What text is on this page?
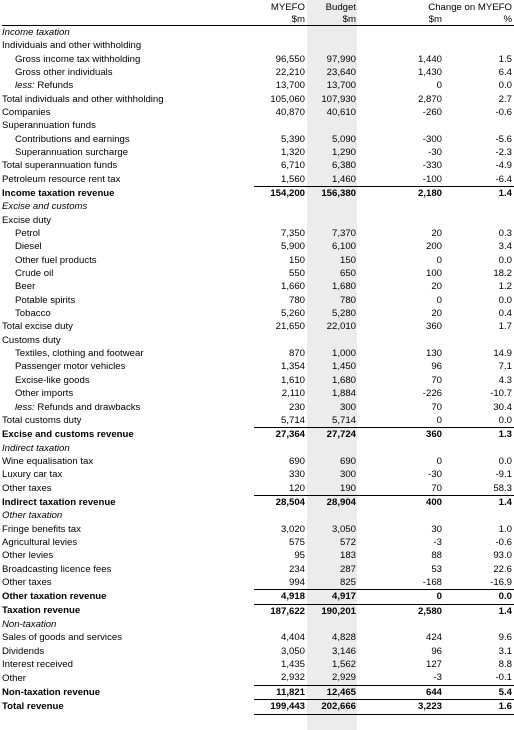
	MYEFO	Budget	Change on MYEFO	
	$m	$m	$m	%
Income taxation				
Individuals and other withholding				
Gross income tax withholding	96,550	97,990	1,440	1.5
Gross other individuals	22,210	23,640	1,430	6.4
less: Refunds	13,700	13,700	0	0.0
Total individuals and other withholding	105,060	107,930	2,870	2.7
Companies	40,870	40,610	-260	-0.6
Superannuation funds				
Contributions and earnings	5,390	5,090	-300	-5.6
Superannuation surcharge	1,320	1,290	-30	-2.3
Total superannuation funds	6,710	6,380	-330	-4.9
Petroleum resource rent tax	1,560	1,460	-100	-6.4
Income taxation revenue	154,200	156,380	2,180	1.4
Excise and customs				
Excise duty				
Petrol	7,350	7,370	20	0.3
Diesel	5,900	6,100	200	3.4
Other fuel products	150	150	0	0.0
Crude oil	550	650	100	18.2
Beer	1,660	1,680	20	1.2
Potable spirits	780	780	0	0.0
Tobacco	5,260	5,280	20	0.4
Total excise duty	21,650	22,010	360	1.7
Customs duty				
Textiles, clothing and footwear	870	1,000	130	14.9
Passenger motor vehicles	1,354	1,450	96	7.1
Excise-like goods	1,610	1,680	70	4.3
Other imports	2,110	1,884	-226	-10.7
less: Refunds and drawbacks	230	300	70	30.4
Total customs duty	5,714	5,714	0	0.0
Excise and customs revenue	27,364	27,724	360	1.3
Indirect taxation				
Wine equalisation tax	690	690	0	0.0
Luxury car tax	330	300	-30	-9.1
Other taxes	120	190	70	58.3
Indirect taxation revenue	28,504	28,904	400	1.4
Other taxation				
Fringe benefits tax	3,020	3,050	30	1.0
Agricultural levies	575	572	-3	-0.6
Other levies	95	183	88	93.0
Broadcasting licence fees	234	287	53	22.6
Other taxes	994	825	-168	-16.9
Other taxation revenue	4,918	4,917	0	0.0
Taxation revenue	187,622	190,201	2,580	1.4
Non-taxation				
Sales of goods and services	4,404	4,828	424	9.6
Dividends	3,050	3,146	96	3.1
Interest received	1,435	1,562	127	8.8
Other	2,932	2,929	-3	-0.1
Non-taxation revenue	11,821	12,465	644	5.4
Total revenue	199,443	202,666	3,223	1.6
